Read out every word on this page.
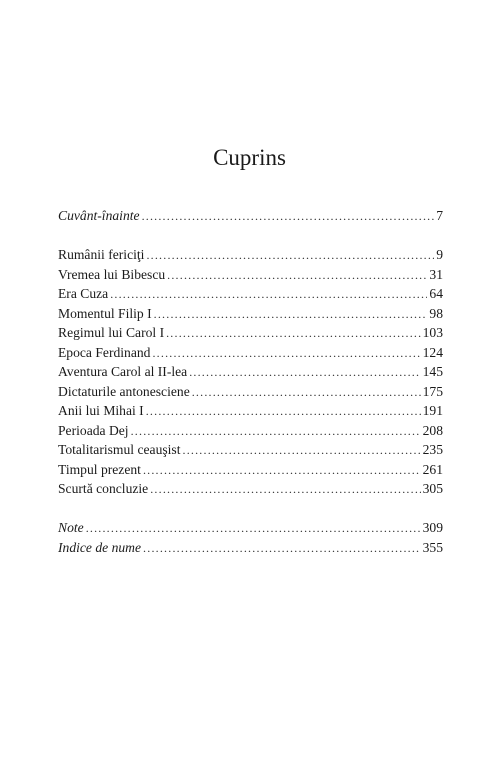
Cuprins
Cuvânt-înainte .....	7
Rumânii fericiţi .....	9
Vremea lui Bibescu .....	31
Era Cuza .....	64
Momentul Filip I .....	98
Regimul lui Carol I .....	103
Epoca Ferdinand .....	124
Aventura Carol al II-lea .....	145
Dictaturile antonesciene .....	175
Anii lui Mihai I .....	191
Perioada Dej .....	208
Totalitarismul ceauşist .....	235
Timpul prezent .....	261
Scurtă concluzie .....	305
Note .....	309
Indice de nume .....	355
